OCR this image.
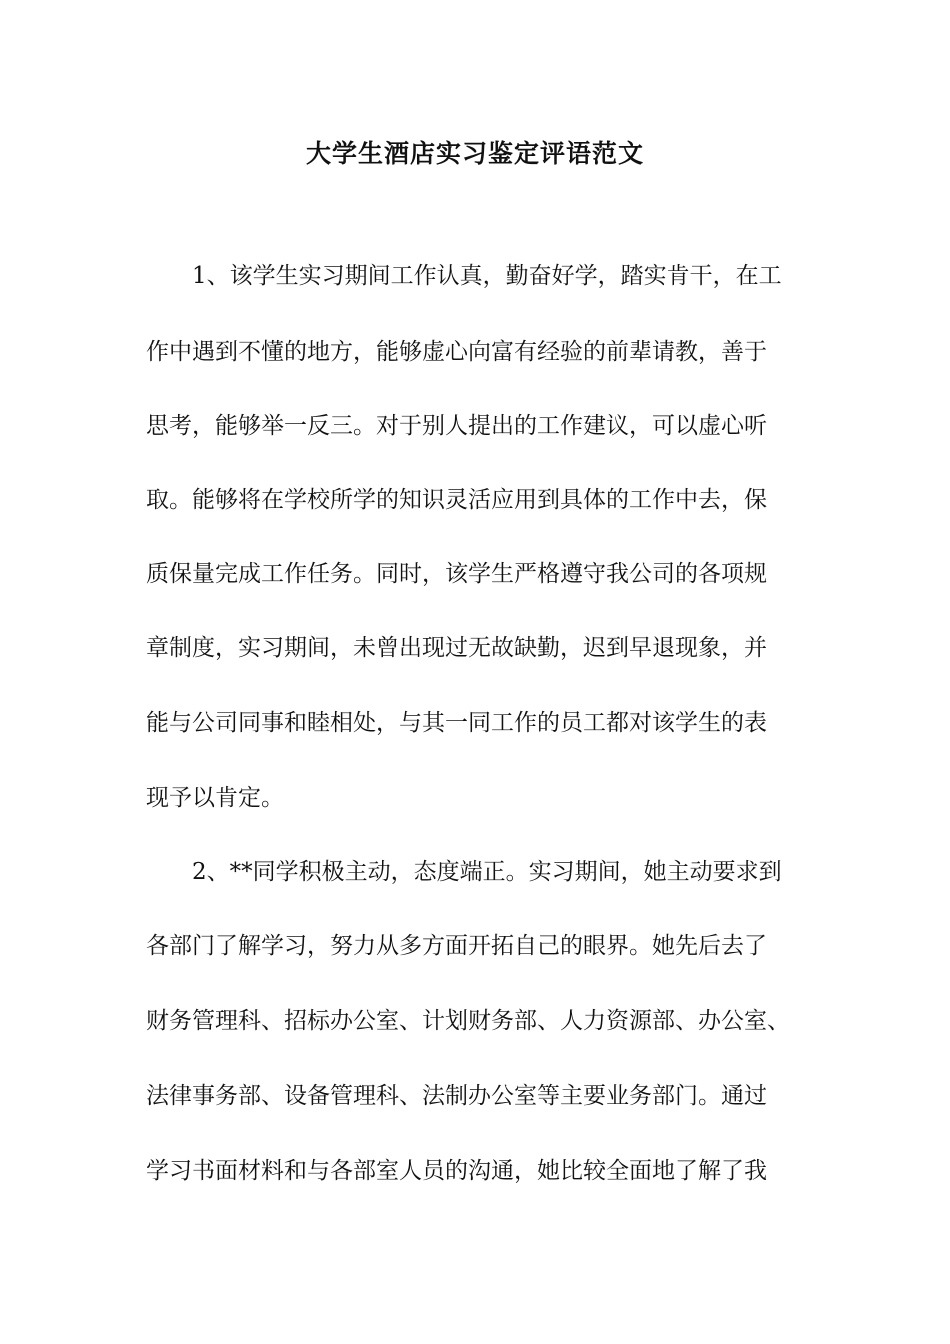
大学生酒店实习鉴定评语范文
1、该学生实习期间工作认真，勤奋好学，踏实肯干，在工
作中遇到不懂的地方，能够虚心向富有经验的前辈请教，善于
思考，能够举一反三。对于别人提出的工作建议，可以虚心听
取。能够将在学校所学的知识灵活应用到具体的工作中去，保
质保量完成工作任务。同时，该学生严格遵守我公司的各项规
章制度，实习期间，未曾出现过无故缺勤，迟到早退现象，并
能与公司同事和睦相处，与其一同工作的员工都对该学生的表
现予以肯定。
2、**同学积极主动，态度端正。实习期间，她主动要求到
各部门了解学习，努力从多方面开拓自己的眼界。她先后去了
财务管理科、招标办公室、计划财务部、人力资源部、办公室、
法律事务部、设备管理科、法制办公室等主要业务部门。通过
学习书面材料和与各部室人员的沟通，她比较全面地了解了我
